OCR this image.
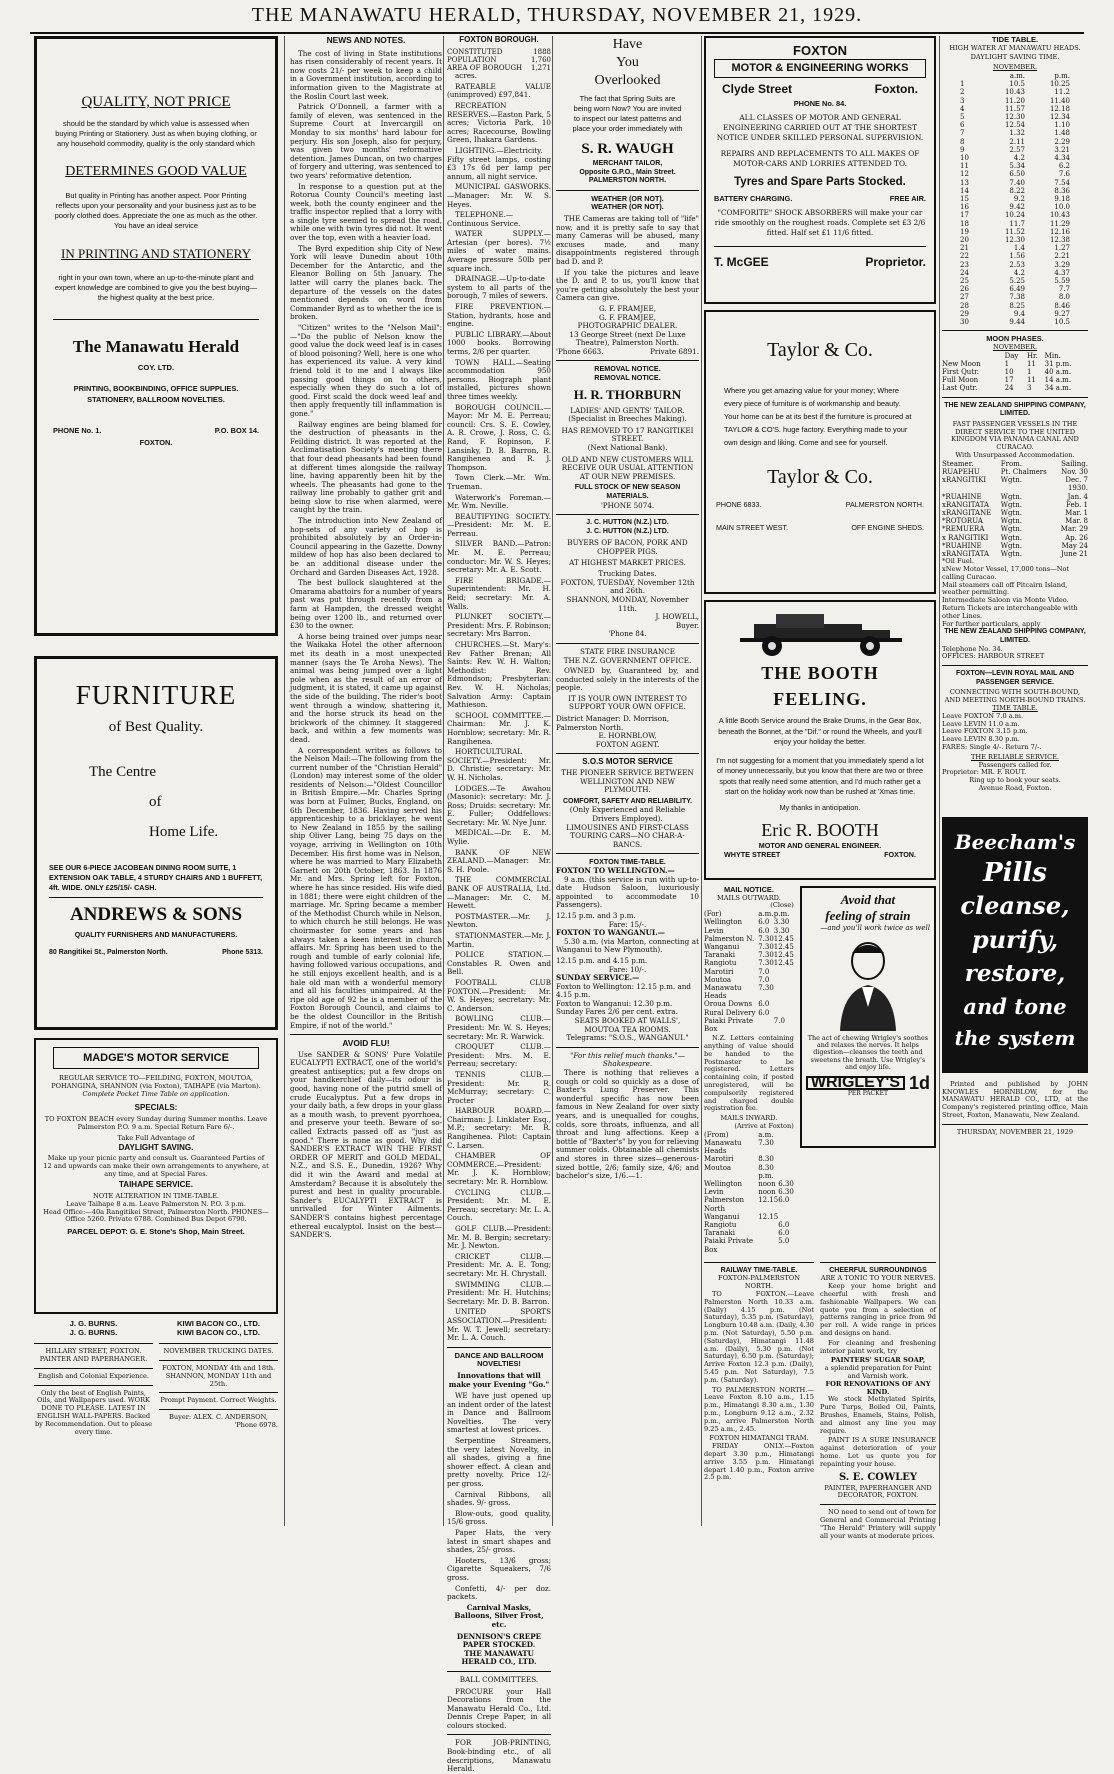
THE MANAWATU HERALD, THURSDAY, NOVEMBER 21, 1929.
QUALITY, NOT PRICE
should be the standard by which value is assessed when buying Printing or Stationery. Just as when buying clothing, or any household commodity, quality is the only standard which
DETERMINES GOOD VALUE
But quality in Printing has another aspect. Poor Printing reflects upon your personality and your business just as to be poorly clothed does. Appreciate the one as much as the other. You have an ideal service
IN PRINTING AND STATIONERY
right in your own town, where an up-to-the-minute plant and expert knowledge are combined to give you the best buying—the highest quality at the best price.
The Manawatu Herald
COY. LTD.
PRINTING, BOOKBINDING, OFFICE SUPPLIES.
STATIONERY, BALLROOM NOVELTIES.
PHONE No. 1.	P.O. BOX 14.
FOXTON.
FURNITURE
of Best Quality.
The Centre
of
Home Life.
SEE OUR 6-PIECE JACOBEAN DINING ROOM SUITE, 1 EXTENSION OAK TABLE, 4 STURDY CHAIRS AND 1 BUFFETT, 4ft. WIDE. ONLY £25/15/- CASH.
ANDREWS & SONS
QUALITY FURNISHERS AND MANUFACTURERS.
80 Rangitikei St., Palmerston North.	Phone 5313.
MADGE'S MOTOR SERVICE
REGULAR SERVICE TO—FEILDING, FOXTON, MOUTOA, POHANGINA, SHANNON (via Foxton), TAIHAPE (via Marton).
Complete Pocket Time Table on application.
SPECIALS:
TO FOXTON BEACH every Sunday during Summer months. Leave Palmerston P.O. 9 a.m. Special Return Fare 6/-.
Take Full Advantage of
DAYLIGHT SAVING.
Make up your picnic party and consult us. Guaranteed Parties of 12 and upwards can make their own arrangements to anywhere, at any time, and at Special Fares.
TAIHAPE SERVICE.
NOTE ALTERATION IN TIME-TABLE.
Leave Taihape 8 a.m. Leave Palmerston N. P.O. 3 p.m.
Head Office:—40a Rangitikei Street, Palmerston North. PHONES—Office 5260. Private 6788. Combined Bus Depot 6790.
PARCEL DEPOT: G. E. Stone's Shop, Main Street.
J. G. BURNS.
J. G. BURNS.
HILLARY STREET, FOXTON.
PAINTER AND PAPERHANGER.
English and Colonial Experience.
Only the best of English Paints, Oils, and Wallpapers used. WORK DONE TO PLEASE. LATEST IN ENGLISH WALL-PAPERS. Backed by Recommendation. Out to please every time.
KIWI BACON CO., LTD.
KIWI BACON CO., LTD.
NOVEMBER TRUCKING DATES.
FOXTON, MONDAY 4th and 18th. SHANNON, MONDAY 11th and 25th.
Prompt Payment. Correct Weights.
Buyer: ALEX. C. ANDERSON,
'Phone 6978.
NEWS AND NOTES.

The cost of living in State institutions has risen considerably of recent years. It now costs 21/- per week to keep a child in a Government institution, according to information given to the Magistrate at the Roslin Court last week.

Patrick O'Donnell, a farmer with a family of eleven, was sentenced in the Supreme Court at Invercargill on Monday to six months' hard labour for perjury. His son Joseph, also for perjury, was given two months' reformative detention. James Duncan, on two charges of forgery and uttering, was sentenced to two years' reformative detention.

In response to a question put at the Rotorua County Council's meeting last week, both the county engineer and the traffic inspector replied that a lorry with a single tyre seemed to spread the road, while one with twin tyres did not. It went over the top, even with a heavier load.

The Byrd expedition ship City of New York will leave Dunedin about 10th December for the Antarctic, and the Eleanor Bolling on 5th January. The latter will carry the planes back. The departure of the vessels on the dates mentioned depends on word from Commander Byrd as to whether the ice is broken.

"Citizen" writes to the "Nelson Mail":—"Do the public of Nelson know the good value the dock weed leaf is in cases of blood poisoning? Well, here is one who has experienced its value. A very kind friend told it to me and I always like passing good things on to others, especially when they do such a lot of good. First scald the dock weed leaf and then apply frequently till inflammation is gone."

Railway engines are being blamed for the destruction of pheasants in the Feilding district. It was reported at the Acclimatisation Society's meeting there that four dead pheasants had been found at different times alongside the railway line, having apparently been hit by the wheels. The pheasants had gone to the railway line probably to gather grit and being slow to rise when alarmed, were caught by the train.

The introduction into New Zealand of hop-sets of any variety of hop is prohibited absolutely by an Order-in-Council appearing in the Gazette. Downy mildew of hop has also been declared to be an additional disease under the Orchard and Garden Diseases Act, 1928.

The best bullock slaughtered at the Omarama abattoirs for a number of years past was put through recently from a farm at Hampden, the dressed weight being over 1200 lb., and returned over £30 to the owner.

A horse being trained over jumps near the Waikaka Hotel the other afternoon met its death in a most unexpected manner (says the Te Aroha News). The animal was being jumped over a light pole when as the result of an error of judgment, it is stated, it came up against the side of the building. The rider's boot went through a window, shattering it, and the horse struck its head on the brickwork of the chimney. It staggered back, and within a few moments was dead.

A correspondent writes as follows to the Nelson Mail:—The following from the current number of the "Christian Herald" (London) may interest some of the older residents of Nelson:—"Oldest Councillor in British Empire.—Mr. Charles Spring was born at Fulmer, Bucks, England, on 6th December, 1836. Having served his apprenticeship to a bricklayer, he went to New Zealand in 1855 by the sailing ship Oliver Lang, being 75 days on the voyage, arriving in Wellington on 10th December. His first home was in Nelson, where he was married to Mary Elizabeth Garnett on 20th October, 1863. In 1876 Mr. and Mrs. Spring left for Foxton, where he has since resided. His wife died in 1881; there were eight children of the marriage. Mr. Spring became a member of the Methodist Church while in Nelson, to which church he still belongs. He was choirmaster for some years and has always taken a keen interest in church affairs. Mr. Spring has been used to the rough and tumble of early colonial life, having followed various occupations, and he still enjoys excellent health, and is a hale old man with a wonderful memory and all his faculties unimpaired. At the ripe old age of 92 he is a member of the Foxton Borough Council, and claims to be the oldest Councillor in the British Empire, if not of the world."

AVOID FLU!

Use SANDER & SONS' Pure Volatile EUCALYPTI EXTRACT, one of the world's greatest antiseptics; put a few drops on your handkerchief daily—its odour is good, having none of the putrid smell of crude Eucalyptus. Put a few drops in your daily bath, a few drops in your glass as a mouth wash, to prevent pyorrhoea, and preserve your teeth. Beware of so-called Extracts passed off as "just as good." There is none as good. Why did SANDER'S EXTRACT WIN THE FIRST ORDER OF MERIT and GOLD MEDAL, N.Z., and S.S. E., Dunedin, 1926? Why did it win the Award and medal at Amsterdam? Because it is absolutely the purest and best in quality procurable. Sander's EUCALYPTI EXTRACT is unrivalled for Winter Ailments. SANDER'S contains highest percentage ethereal eucalyptol. Insist on the best—SANDER'S.

FOXTON BOROUGH.
CONSTITUTED	1888
POPULATION	1,760
AREA OF BOROUGH	1,271

acres.

RATEABLE VALUE (unimproved) £97,841.

RECREATION RESERVES.—Easton Park, 5 acres; Victoria Park, 10 acres; Racecourse, Bowling Green, Ihakara Gardens.

LIGHTING.—Electricity. Fifty street lamps, costing £3 17s 6d per lamp per annum, all night service.

MUNICIPAL GASWORKS.—Manager: Mr. W. S. Heyes.

TELEPHONE.—Continuous Service.

WATER SUPPLY.—Artesian (per bores). 7½ miles of water mains. Average pressure 50lb per square inch.

DRAINAGE.—Up-to-date system to all parts of the borough, 7 miles of sewers.

FIRE PREVENTION.—Station, hydrants, hose and engine.

PUBLIC LIBRARY.—About 1000 books. Borrowing terms, 2/6 per quarter.

TOWN HALL.—Seating accommodation 950 persons. Biograph plant installed, pictures shown three times weekly.

BOROUGH COUNCIL.—Mayor: Mr M. E. Perreau; council: Crs. S. E. Cowley, A. R. Crowe, J. Ross, C. G. Rand, F. Ropinson, F. Lansinky, D. B. Barron, R. Rangihenea and R. J. Thompson.

Town Clerk.—Mr. Wm. Trueman.

Waterwork's Foreman.—Mr. Wm. Neville.

BEAUTIFYING SOCIETY.—President: Mr. M. E. Perreau.

SILVER BAND.—Patron: Mr. M. E. Perreau; conductor: Mr. W. S. Heyes; secretary: Mr. A. E. Scott.

FIRE BRIGADE.—Superintendent: Mr. H. Reid; secretary: Mr. A. Walls.

PLUNKET SOCIETY.—President: Mrs. F. Robinson; secretary: Mrs Barron.

CHURCHES.—St. Mary's: Rev Father Brenan; All Saints: Rev. W. H. Walton; Methodist: Rev. Edmondson; Presbyterian: Rev. W. H. Nicholas; Salvation Army: Captain Mathieson.

SCHOOL COMMITTEE.—Chairman: Mr. J. K. Hornblow; secretary: Mr. R. Rangihenea.

HORTICULTURAL SOCIETY.—President: Mr. D. Christie; secretary: Mr. W. H. Nicholas.

LODGES.—Te Awahou (Masonic): secretary: Mr. J. Ross; Druids: secretary: Mr. E. Fuller; Oddfellows: Secretary: Mr. W. Nye Junr.

MEDICAL.—Dr. E. M. Wylie.

BANK OF NEW ZEALAND.—Manager: Mr. S. H. Poole.

THE COMMERCIAL BANK OF AUSTRALIA, Ltd.—Manager: Mr. C. M. Hewett.

POSTMASTER.—Mr. J. Newton.

STATIONMASTER.—Mr. J. Martin.

POLICE STATION.—Constables R. Owen and Bell.

FOOTBALL CLUB FOXTON.—President: Mr. W. S. Heyes; secretary: Mr. C. Anderson.

BOWLING CLUB.—President: Mr. W. S. Heyes; secretary: Mr. R. Warwick.

CROQUET CLUB.—President: Mrs. M. E. Perreau; secretary:

TENNIS CLUB.—President: Mr. R. McMurray; secretary: C. Procter

HARBOUR BOARD.—Chairman: J. Linklater Esq., M.P.; secretary: Mr. R. Rangihenea. Pilot: Captain C. Larsen.

CHAMBER OF COMMERCE.—President: Mr. J. K. Hornblow; secretary: Mr. R. Hornblow.

CYCLING CLUB.—President: Mr. M. E. Perreau; secretary: Mr. L. A. Couch.

GOLF CLUB.—President: Mr. M. B. Bergin; secretary: Mr. J. Newton.

CRICKET CLUB.—President: Mr. A. E. Tong; secretary: Mr. H. Chrystall.

SWIMMING CLUB.—President: Mr. H. Hutchins; Secretary: Mr. D. B. Barron.

UNITED SPORTS ASSOCIATION.—President: Mr. W. T. Jewell; secretary: Mr. L. A. Couch.

DANCE AND BALLROOM
NOVELTIES!
Innovations that will make your Evening "Go."

WE have just opened up an indent order of the latest in Dance and Ballroom Novelties. The very smartest at lowest prices.

Serpentine Streamers, the very latest Novelty, in all shades, giving a fine shower effect. A clean and pretty novelty. Price 12/- per gross.

Carnival Ribbons, all shades. 9/- gross.

Blow-outs, good quality, 15/6 gross.

Paper Hats, the very latest in smart shapes and shades, 25/- gross.

Hooters, 13/6 gross; Cigarette Squeakers, 7/6 gross.

Confetti, 4/- per doz. packets.

Carnival Masks, Balloons, Silver Frost, etc.
DENNISON'S CREPE PAPER STOCKED.
THE MANAWATU HERALD CO., LTD.
BALL COMMITTEES.

PROCURE your Hall Decorations from the Manawatu Herald Co., Ltd. Dennis Crepe Paper, in all colours stocked.

FOR JOB-PRINTING, Book-binding etc., of all descriptions, Manawatu Herald.

Have
You
Overlooked
The fact that Spring Suits are being worn Now? You are invited to inspect our latest patterns and place your order immediately with
S. R. WAUGH
MERCHANT TAILOR,
Opposite G.P.O., Main Street.
PALMERSTON NORTH.
WEATHER (OR NOT).
WEATHER (OR NOT).

THE Cameras are taking toll of "life" now, and it is pretty safe to say that many Cameras will be abused, many excuses made, and many disappointments registered through bad D. and P.

If you take the pictures and leave the D. and P. to us, you'll know that you're getting absolutely the best your Camera can give.

G. F. FRAMJEE,
G. F. FRAMJEE,
PHOTOGRAPHIC DEALER.
13 George Street (next De Luxe Theatre), Palmerston North.
'Phone 6663.	Private 6891.
REMOVAL NOTICE.
REMOVAL NOTICE.
H. R. THORBURN
LADIES' AND GENTS' TAILOR.
(Specialist in Breeches Making).
HAS REMOVED TO 17 RANGITIKEI STREET.
(Next National Bank).
OLD AND NEW CUSTOMERS WILL RECEIVE OUR USUAL ATTENTION AT OUR NEW PREMISES.
FULL STOCK OF NEW SEASON MATERIALS.
'PHONE 5074.
J. C. HUTTON (N.Z.) LTD.
J. C. HUTTON (N.Z.) LTD.
BUYERS OF BACON, PORK AND CHOPPER PIGS.
AT HIGHEST MARKET PRICES.
Trucking Dates.
FOXTON, TUESDAY, November 12th and 26th.
SHANNON, MONDAY, November 11th.
J. HOWELL,
Buyer.
'Phone 84.
STATE FIRE INSURANCE
THE N.Z. GOVERNMENT OFFICE.

OWNED by, Guaranteed by, and conducted solely in the interests of the people.

IT IS YOUR OWN INTEREST TO SUPPORT YOUR OWN OFFICE.
District Manager: D. Morrison, Palmerston North.
E. HORNBLOW,
FOXTON AGENT.
S.O.S MOTOR SERVICE
THE PIONEER SERVICE BETWEEN WELLINGTON AND NEW PLYMOUTH.
COMFORT, SAFETY AND RELIABILITY.
(Only Experienced and Reliable Drivers Employed).
LIMOUSINES AND FIRST-CLASS TOURING CARS—NO CHAR-A-BANCS.
FOXTON TIME-TABLE.
FOXTON TO WELLINGTON.—

9 a.m. (this service is run with up-to-date Hudson Saloon, luxuriously appointed to accommodate 10 Passengers).

12.15 p.m. and 3 p.m.
Fare: 15/-.
FOXTON TO WANGANUI.—

5.30 a.m. (via Marton, connecting at Wanganui to New Plymouth).

12.15 p.m. and 4.15 p.m.
Fare: 10/-.
SUNDAY SERVICE.—
Foxton to Wellington: 12.15 p.m. and 4.15 p.m.
Foxton to Wanganui: 12.30 p.m.
Sunday Fares 2/6 per cent. extra.
SEATS BOOKED AT WALLS', MOUTOA TEA ROOMS.
Telegrams: "S.O.S., WANGANUI."
"For this relief much thanks."—Shakespeare.

There is nothing that relieves a cough or cold so quickly as a dose of Baxter's Lung Preserver. This wonderful specific has now been famous in New Zealand for over sixty years, and is unequalled for coughs, colds, sore throats, influenza, and all throat and lung affections. Keep a bottle of "Baxter's" by you for relieving summer colds. Obtainable all chemists and stores in three sizes—generous-sized bottle, 2/6; family size, 4/6; and bachelor's size, 1/6.—1.

FOXTON
MOTOR & ENGINEERING WORKS
Clyde Street	Foxton.
PHONE No. 84.
ALL CLASSES OF MOTOR AND GENERAL ENGINEERING CARRIED OUT AT THE SHORTEST NOTICE UNDER SKILLED PERSONAL SUPERVISION.
REPAIRS AND REPLACEMENTS TO ALL MAKES OF MOTOR-CARS AND LORRIES ATTENDED TO.
Tyres and Spare Parts Stocked.
BATTERY CHARGING.	FREE AIR.
"COMFORITE" SHOCK ABSORBERS will make your car ride smoothly on the roughest roads. Complete set £3 2/6 fitted. Half set £1 11/6 fitted.
T. McGEE	Proprietor.
Taylor & Co.
Where you get amazing value for your money; Where every piece of furniture is of workmanship and beauty. Your home can be at its best if the furniture is procured at TAYLOR & CO'S. huge factory. Everything made to your own design and liking. Come and see for yourself.
Taylor & Co.
PHONE 6833.	PALMERSTON NORTH.
MAIN STREET WEST.	OFF ENGINE SHEDS.
THE BOOTH FEELING.
A little Booth Service around the Brake Drums, in the Gear Box, beneath the Bonnet, at the "Dif." or round the Wheels, and you'll enjoy your holiday the better.
I'm not suggesting for a moment that you immediately spend a lot of money unnecessarily, but you know that there are two or three spots that really need some attention, and I'd much rather get a start on the holiday work now than be rushed at 'Xmas time.
My thanks in anticipation.
Eric R. BOOTH
MOTOR AND GENERAL ENGINEER.
WHYTE STREET	FOXTON.
MAIL NOTICE.
MAILS OUTWARD.
(Close)
(For)	a.m.	p.m.
Wellington	6.0	3.30
Levin	6.0	3.30
Palmerston N.	7.30	12.45
Wanganui	7.30	12.45
Taranaki	7.30	12.45
Rangiotu	7.30	12.45
Marotiri	7.0	
Moutoa	7.0	
Manawatu Heads	7.30	
Oroua Downs	6.0	
Rural Delivery	6.0	
Paiaki Private Box		7.0

N.Z. Letters containing anything of value should be handed to the Postmaster to be registered. Letters containing coin, if posted unregistered, will be compulsorily registered and charged double registration fee.

MAILS INWARD.
(Arrive at Foxton)
(From)	a.m.	
Manawatu Heads	7.30	
Marotiri	8.30	
Moutoa	8.30	
	p.m.	
Wellington	noon	6.30
Levin	noon	6.30
Palmerston North	12.15	6.0
Wanganui	12.15	
Rangiotu		6.0
Taranaki		6.0
Paiaki Private Box		5.0
Avoid that
feeling of strain
—and you'll work twice as well
The act of chewing Wrigley's soothes and relaxes the nerves. It helps digestion—cleanses the teeth and sweetens the breath. Use Wrigley's and enjoy life.
WRIGLEY'S 1d
PER PACKET
RAILWAY TIME-TABLE.
FOXTON-PALMERSTON NORTH.

TO FOXTON.—Leave Palmerston North 10.33 a.m. (Daily) 4.15 p.m. (Not Saturday), 5.35 p.m. (Saturday), Longburn 10.48 a.m. (Daily, 4.30 p.m. (Not Saturday), 5.50 p.m. (Saturday), Himatangi 11.48 a.m. (Daily), 5.30 p.m. (Not Saturday), 6.50 p.m. (Saturday); Arrive Foxton 12.3 p.m. (Daily), 5.45 p.m. Not Saturday), 7.5 p.m. (Saturday).

TO PALMERSTON NORTH.—Leave Foxton 8.10 a.m., 1.15 p.m., Himatangi 8.30 a.m., 1.30 p.m., Longburn 9.12 a.m., 2.32 p.m., arrive Palmerston North 9.25 a.m., 2.45.

FOXTON HIMATANGI TRAM.

FRIDAY ONLY.—Foxton depart 3.30 p.m., Himatangi arrive 3.55 p.m. Himatangi depart 1.40 p.m., Foxton arrive 2.5 p.m.

CHEERFUL SURROUNDINGS
ARE A TONIC TO YOUR NERVES.

Keep your home bright and cheerful with fresh and fashionable Wallpapers. We can quote you from a selection of patterns ranging in price from 9d per roll. A wide range in prices and designs on hand.

For cleaning and freshening interior paint work, try

PAINTERS' SUGAR SOAP,
a splendid preparation for Paint and Varnish work.
FOR RENOVATIONS OF ANY KIND.

We stock Methylated Spirits, Pure Turps, Boiled Oil, Paints, Brushes, Enamels, Stains, Polish, and almost any line you may require.

PAINT IS A SURE INSURANCE against deterioration of your home. Let us quote you for repainting your house.

S. E. COWLEY
PAINTER, PAPERHANGER AND DECORATOR, FOXTON.

NO need to send out of town for General and Commercial Printing "The Herald" Printery will supply all your wants at moderate prices.

TIDE TABLE.
HIGH WATER AT MANAWATU HEADS.
DAYLIGHT SAVING TIME.
NOVEMBER.
	a.m.	p.m.
1	10.5	10.25
2	10.43	11.2
3	11.20	11.40
4	11.57	12.18
5	12.30	12.34
6	12.54	1.10
7	1.32	1.48
8	2.11	2.29
9	2.57	3.21
10	4.2	4.34
11	5.34	6.2
12	6.50	7.6
13	7.40	7.54
14	8.22	8.36
15	9.2	9.18
16	9.42	10.0
17	10.24	10.43
18	11.7	11.29
19	11.52	12.16
20	12.30	12.38
21	1.4	1.27
22	1.56	2.21
23	2.53	3.29
24	4.2	4.37
25	5.25	5.59
26	6.49	7.7
27	7.38	8.0
28	8.25	8.46
29	9.4	9.27
30	9.44	10.5
MOON PHASES.
NOVEMBER.
	Day	Hr.	Min.
New Moon	1	11	31 p.m.
First Qutr.	10	1	40 a.m.
Full Moon	17	11	14 a.m.
Last Qutr.	24	3	34 a.m.
THE NEW ZEALAND SHIPPING COMPANY, LIMITED.
FAST PASSENGER VESSELS IN THE DIRECT SERVICE TO THE UNITED KINGDOM VIA PANAMA CANAL AND CURACAO.
With Unsurpassed Accommodation.
Steamer.	From.	Sailing.
RUAPEHU	Pt. Chalmers	Nov. 30
xRANGITIKI	Wgtn.	Dec. 7
		1930.
*RUAHINE	Wgtn.	Jan. 4
xRANGITATA	Wgtn.	Feb. 1
xRANGITANE	Wgtn.	Mar. 1
*ROTORUA	Wgtn.	Mar. 8
*REMUERA	Wgtn.	Mar. 29
x RANGITIKI	Wgtn.	Ap. 26
*RUAHINE	Wgtn.	May 24
xRANGITATA	Wgtn.	June 21
*Oil Fuel.
xNew Motor Vessel, 17,000 tons—Not calling Curacao.
Mail steamers call off Pitcairn Island, weather permitting.
Intermediate Saloon via Monte Video.
Return Tickets are interchangeable with other Lines.
For further particulars, apply
THE NEW ZEALAND SHIPPING COMPANY, LIMITED.
Telephone No. 34.
OFFICES: HARBOUR STREET
FOXTON—LEVIN ROYAL MAIL AND PASSENGER SERVICE.
CONNECTING WITH SOUTH-BOUND, AND MEETING NORTH-BOUND TRAINS.
TIME TABLE.
Leave FOXTON 7.0 a.m.
Leave LEVIN 11.0 a.m.
Leave FOXTON 3.15 p.m.
Leave LEVIN 8.30 p.m.
FARES: Single 4/-. Return 7/-.
THE RELIABLE SERVICE.
Passengers called for.
Proprietor: MR. F. ROUT.
Ring up to book your seats.
Avenue Road, Foxton.
Beecham's
Pills
cleanse,
purify,
restore,
and tone
the system

Printed and published by JOHN KNOWLES HORNBLOW, for the MANAWATU HERALD CO., LTD, at the Company's registered printing office, Main Street, Foxton, Manawatu, New Zealand.

THURSDAY, NOVEMBER 21, 1929
